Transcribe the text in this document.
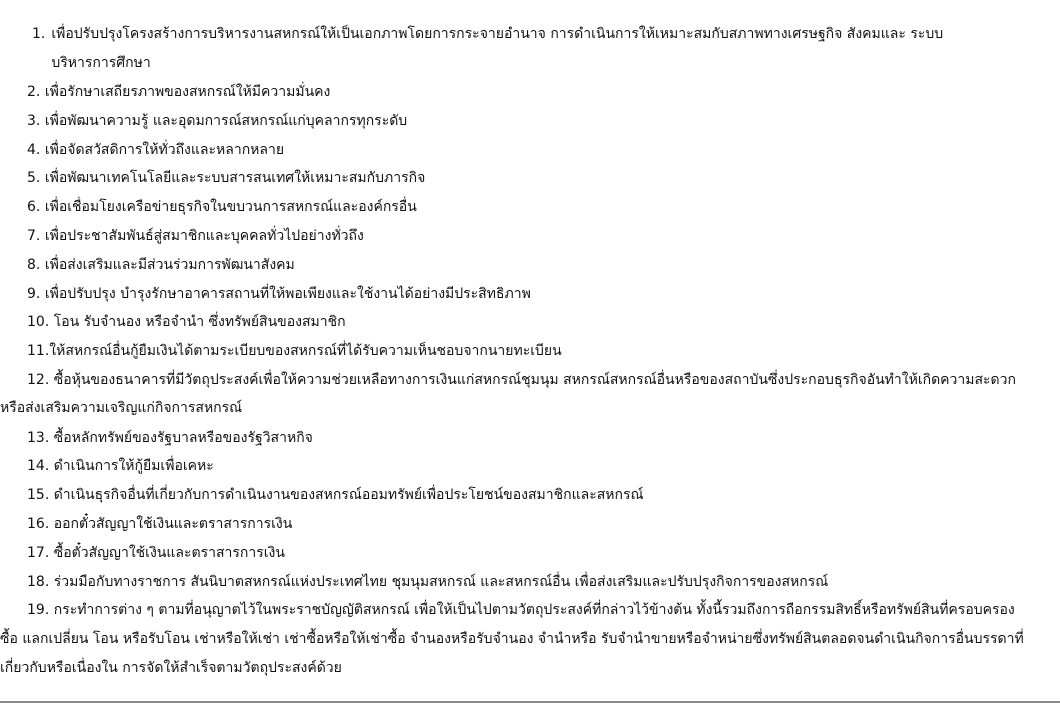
1. เพื่อปรับปรุงโครงสร้างการบริหารงานสหกรณ์ให้เป็นเอกภาพโดยการกระจายอำนาจ การดำเนินการให้เหมาะสมกับสภาพทางเศรษฐกิจ สังคมและ ระบบบริหารการศึกษา
2.
เพื่อรักษาเสถียรภาพของสหกรณ์ให้มีความมั่นคง
3.
เพื่อพัฒนาความรู้ และอุดมการณ์สหกรณ์แก่บุคลากรทุกระดับ
4.
เพื่อจัดสวัสดิการให้ทั่วถึงและหลากหลาย
5.
เพื่อพัฒนาเทคโนโลยีและระบบสารสนเทศให้เหมาะสมกับภารกิจ
6.
เพื่อเชื่อมโยงเครือข่ายธุรกิจในขบวนการสหกรณ์และองค์กรอื่น
7.
เพื่อประชาสัมพันธ์สู่สมาชิกและบุคคลทั่วไปอย่างทั่วถึง
8.
เพื่อส่งเสริมและมีส่วนร่วมการพัฒนาสังคม
9.
เพื่อปรับปรุง บำรุงรักษาอาคารสถานที่ให้พอเพียงและใช้งานได้อย่างมีประสิทธิภาพ
10.
โอน รับจำนอง หรือจำนำ ซึ่งทรัพย์สินของสมาชิก
11. ให้สหกรณ์อื่นกู้ยืมเงินได้ตามระเบียบของสหกรณ์ที่ได้รับความเห็นชอบจากนายทะเบียน
12. ซื้อหุ้นของธนาคารที่มีวัตถุประสงค์เพื่อให้ความช่วยเหลือทางการเงินแก่สหกรณ์ชุมนุม สหกรณ์สหกรณ์อื่นหรือของสถาบันซึ่งประกอบธุรกิจอันทำให้เกิดความสะดวกหรือส่งเสริมความเจริญแก่กิจการสหกรณ์
13.
ซื้อหลักทรัพย์ของรัฐบาลหรือของรัฐวิสาหกิจ
14.
ดำเนินการให้กู้ยืมเพื่อเคหะ
15.
ดำเนินธุรกิจอื่นที่เกี่ยวกับการดำเนินงานของสหกรณ์ออมทรัพย์เพื่อประโยชน์ของสมาชิกและสหกรณ์
16.
ออกตั๋วสัญญาใช้เงินและตราสารการเงิน
17.
ซื้อตั๋วสัญญาใช้เงินและตราสารการเงิน
18.
ร่วมมือกับทางราชการ สันนิบาตสหกรณ์แห่งประเทศไทย ชุมนุมสหกรณ์ และสหกรณ์อื่น เพื่อส่งเสริมและปรับปรุงกิจการของสหกรณ์
19. กระทำการต่าง ๆ ตามที่อนุญาตไว้ในพระราชบัญญัติสหกรณ์ เพื่อให้เป็นไปตามวัตถุประสงค์ที่กล่าวไว้ข้างต้น ทั้งนี้รวมถึงการถือกรรมสิทธิ์หรือทรัพย์สินที่ครอบครองซื้อ แลกเปลี่ยน โอน หรือรับโอน เช่าหรือให้เช่า เช่าซื้อหรือให้เช่าซื้อ จำนองหรือรับจำนอง จำนำหรือ รับจำนำขายหรือจำหน่ายซึ่งทรัพย์สินตลอดจนดำเนินกิจการอื่นบรรดาที่เกี่ยวกับหรือเนื่องใน การจัดให้สำเร็จตามวัตถุประสงค์ด้วย
